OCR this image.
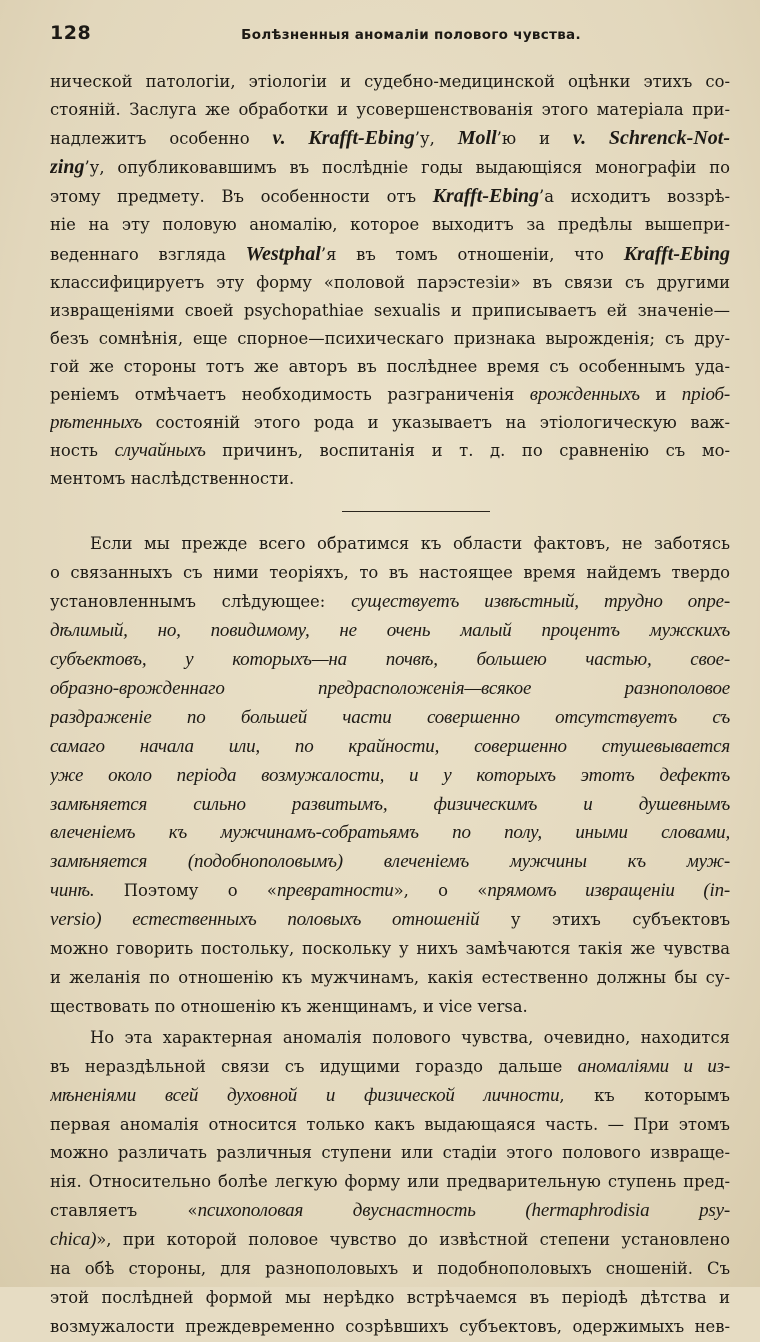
128	Болѣзненныя аномаліи полового чувства.
нической патологіи, этіологіи и судебно-медицинской оцѣнки этихъ со-
стояній. Заслуга же обработки и усовершенствованія этого матеріала при-
надлежитъ особенно v. Krafft-Ebing’у, Moll’ю и v. Schrenck-Not-
zing’у, опубликовавшимъ въ послѣдніе годы выдающіяся монографіи по
этому предмету. Въ особенности отъ Krafft-Ebing’а исходитъ воззрѣ-
ніе на эту половую аномалію, которое выходитъ за предѣлы вышепри-
веденнаго взгляда Westphal’я въ томъ отношеніи, что Krafft-Ebing
классифицируетъ эту форму «половой парэстезіи» въ связи съ другими
извращеніями своей psychopathiae sexualis и приписываетъ ей значеніе—
безъ сомнѣнія, еще спорное—психическаго признака вырожденія; съ дру-
гой же стороны тотъ же авторъ въ послѣднее время съ особеннымъ уда-
реніемъ отмѣчаетъ необходимость разграниченія врожденныхъ и пріоб-
рѣтенныхъ состояній этого рода и указываетъ на этіологическую важ-
ность случайныхъ причинъ, воспитанія и т. д. по сравненію съ мо-
ментомъ наслѣдственности.
Если мы прежде всего обратимся къ области фактовъ, не заботясь
о связанныхъ съ ними теоріяхъ, то въ настоящее время найдемъ твердо
установленнымъ слѣдующее: существуетъ извѣстный, трудно опре-
дѣлимый, но, повидимому, не очень малый процентъ мужскихъ
субъектовъ, у которыхъ—на почвѣ, большею частью, свое-
образно-врожденнаго предрасположенія—всякое разнополовое
раздраженіе по большей части совершенно отсутствуетъ съ
самаго начала или, по крайности, совершенно стушевывается
уже около періода возмужалости, и у которыхъ этотъ дефектъ
замѣняется сильно развитымъ, физическимъ и душевнымъ
влеченіемъ къ мужчинамъ-собратьямъ по полу, иными словами,
замѣняется (подобнополовымъ) влеченіемъ мужчины къ муж-
чинѣ. Поэтому о «превратности», о «прямомъ извращеніи (in-
versio) естественныхъ половыхъ отношеній у этихъ субъектовъ
можно говорить постольку, поскольку у нихъ замѣчаются такія же чувства
и желанія по отношенію къ мужчинамъ, какія естественно должны бы су-
ществовать по отношенію къ женщинамъ, и vice versa.
Но эта характерная аномалія полового чувства, очевидно, находится
въ нераздѣльной связи съ идущими гораздо дальше аномаліями и из-
мѣненіями всей духовной и физической личности, къ которымъ
первая аномалія относится только какъ выдающаяся часть. — При этомъ
можно различать различныя ступени или стадіи этого полового извраще-
нія. Относительно болѣе легкую форму или предварительную ступень пред-
ставляетъ «психополовая двуснастность (hermaphrodisia psy-
chica)», при которой половое чувство до извѣстной степени установлено
на обѣ стороны, для разнополовыхъ и подобнополовыхъ сношеній. Съ
этой послѣдней формой мы нерѣдко встрѣчаемся въ періодѣ дѣтства и
возмужалости преждевременно созрѣвшихъ субъектовъ, одержимыхъ нев-
